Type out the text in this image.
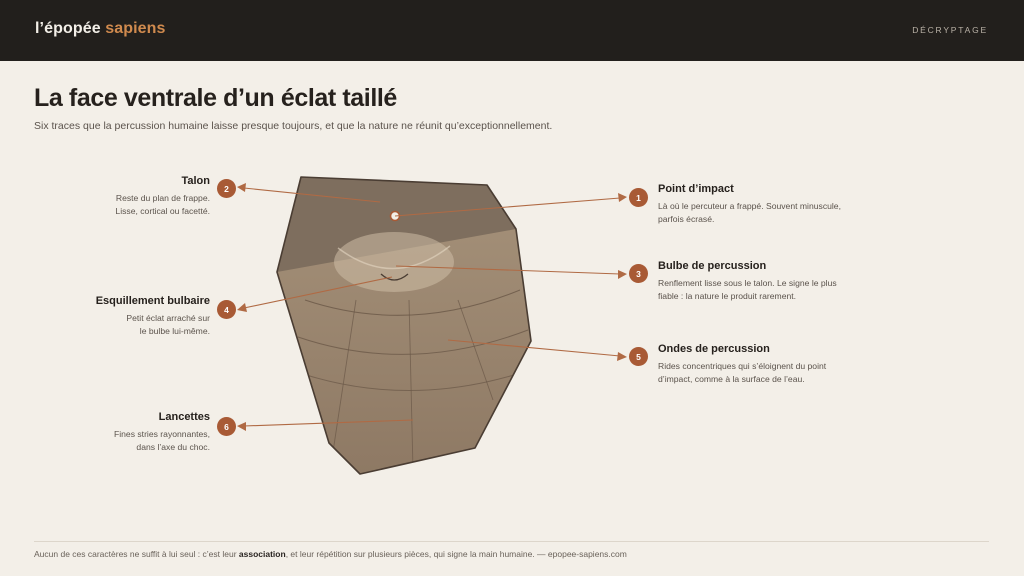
l’épopée sapiens	DÉCRYPTAGE
La face ventrale d’un éclat taillé

Six traces que la percussion humaine laisse presque toujours, et que la nature ne réunit qu’exceptionnellement.

1
2
3
4
5
6
Point d’impact
Là où le percuteur a frappé. Souvent minuscule,
parfois écrasé.
Bulbe de percussion
Renflement lisse sous le talon. Le signe le plus
fiable : la nature le produit rarement.
Ondes de percussion
Rides concentriques qui s’éloignent du point
d’impact, comme à la surface de l’eau.
Talon
Reste du plan de frappe.
Lisse, cortical ou facetté.
Esquillement bulbaire
Petit éclat arraché sur
le bulbe lui-même.
Lancettes
Fines stries rayonnantes,
dans l’axe du choc.
Aucun de ces caractères ne suffit à lui seul : c’est leur association, et leur répétition sur plusieurs pièces, qui signe la main humaine. — epopee-sapiens.com
